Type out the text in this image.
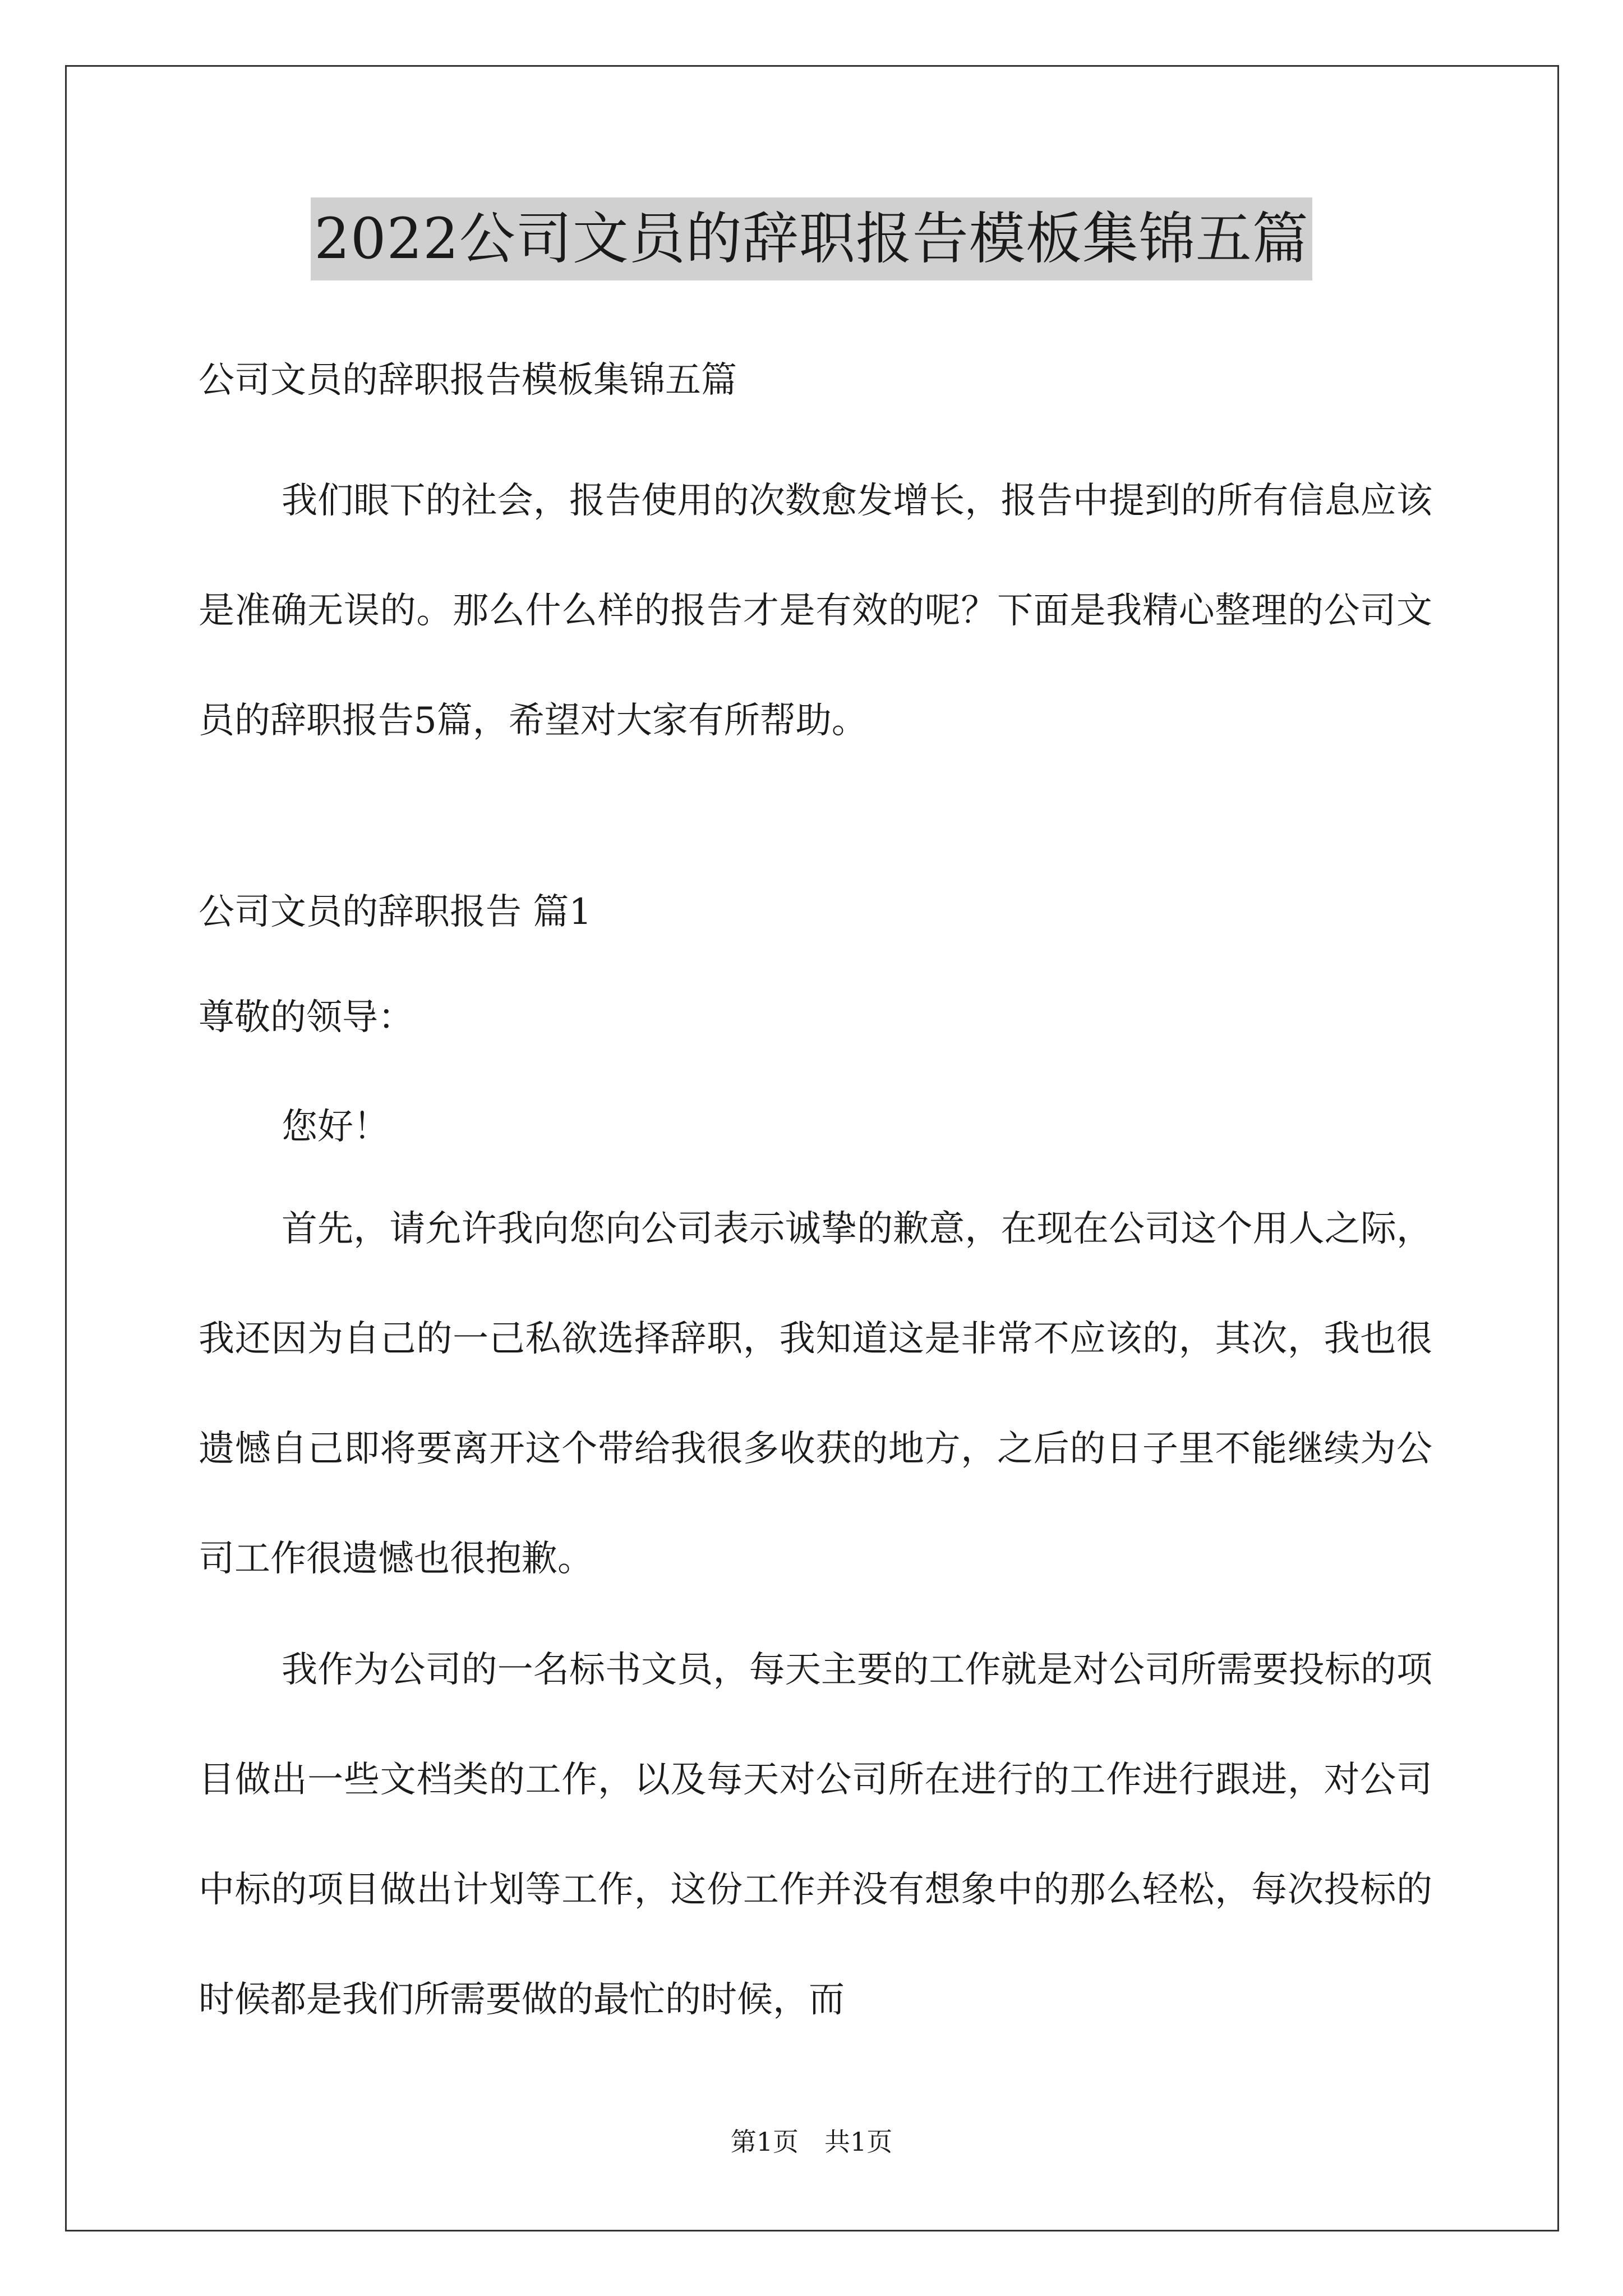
2022公司文员的辞职报告模板集锦五篇
公司文员的辞职报告模板集锦五篇
我们眼下的社会，报告使用的次数愈发增长，报告中提到的所有信息应该是准确无误的。那么什么样的报告才是有效的呢？下面是我精心整理的公司文员的辞职报告5篇，希望对大家有所帮助。
公司文员的辞职报告 篇1
尊敬的领导：
您好！
首先，请允许我向您向公司表示诚挚的歉意，在现在公司这个用人之际，我还因为自己的一己私欲选择辞职，我知道这是非常不应该的，其次，我也很遗憾自己即将要离开这个带给我很多收获的地方，之后的日子里不能继续为公司工作很遗憾也很抱歉。
我作为公司的一名标书文员，每天主要的工作就是对公司所需要投标的项目做出一些文档类的工作，以及每天对公司所在进行的工作进行跟进，对公司中标的项目做出计划等工作，这份工作并没有想象中的那么轻松，每次投标的时候都是我们所需要做的最忙的时候，而
第1页　共1页
